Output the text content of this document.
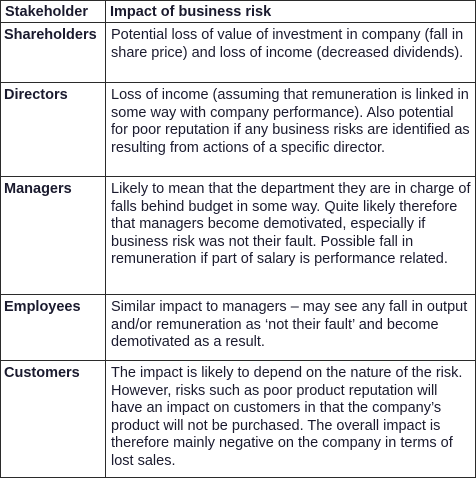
Stakeholder	Impact of business risk
Shareholders	Potential loss of value of investment in company (fall in share price) and loss of income (decreased dividends).
Directors	Loss of income (assuming that remuneration is linked in some way with company performance). Also potential for poor reputation if any business risks are identified as resulting from actions of a specific director.
Managers	Likely to mean that the department they are in charge of falls behind budget in some way. Quite likely therefore that managers become demotivated, especially if business risk was not their fault. Possible fall in remuneration if part of salary is performance related.
Employees	Similar impact to managers – may see any fall in output and/or remuneration as ‘not their fault’ and become demotivated as a result.
Customers	The impact is likely to depend on the nature of the risk. However, risks such as poor product reputation will have an impact on customers in that the company’s product will not be purchased. The overall impact is therefore mainly negative on the company in terms of lost sales.
